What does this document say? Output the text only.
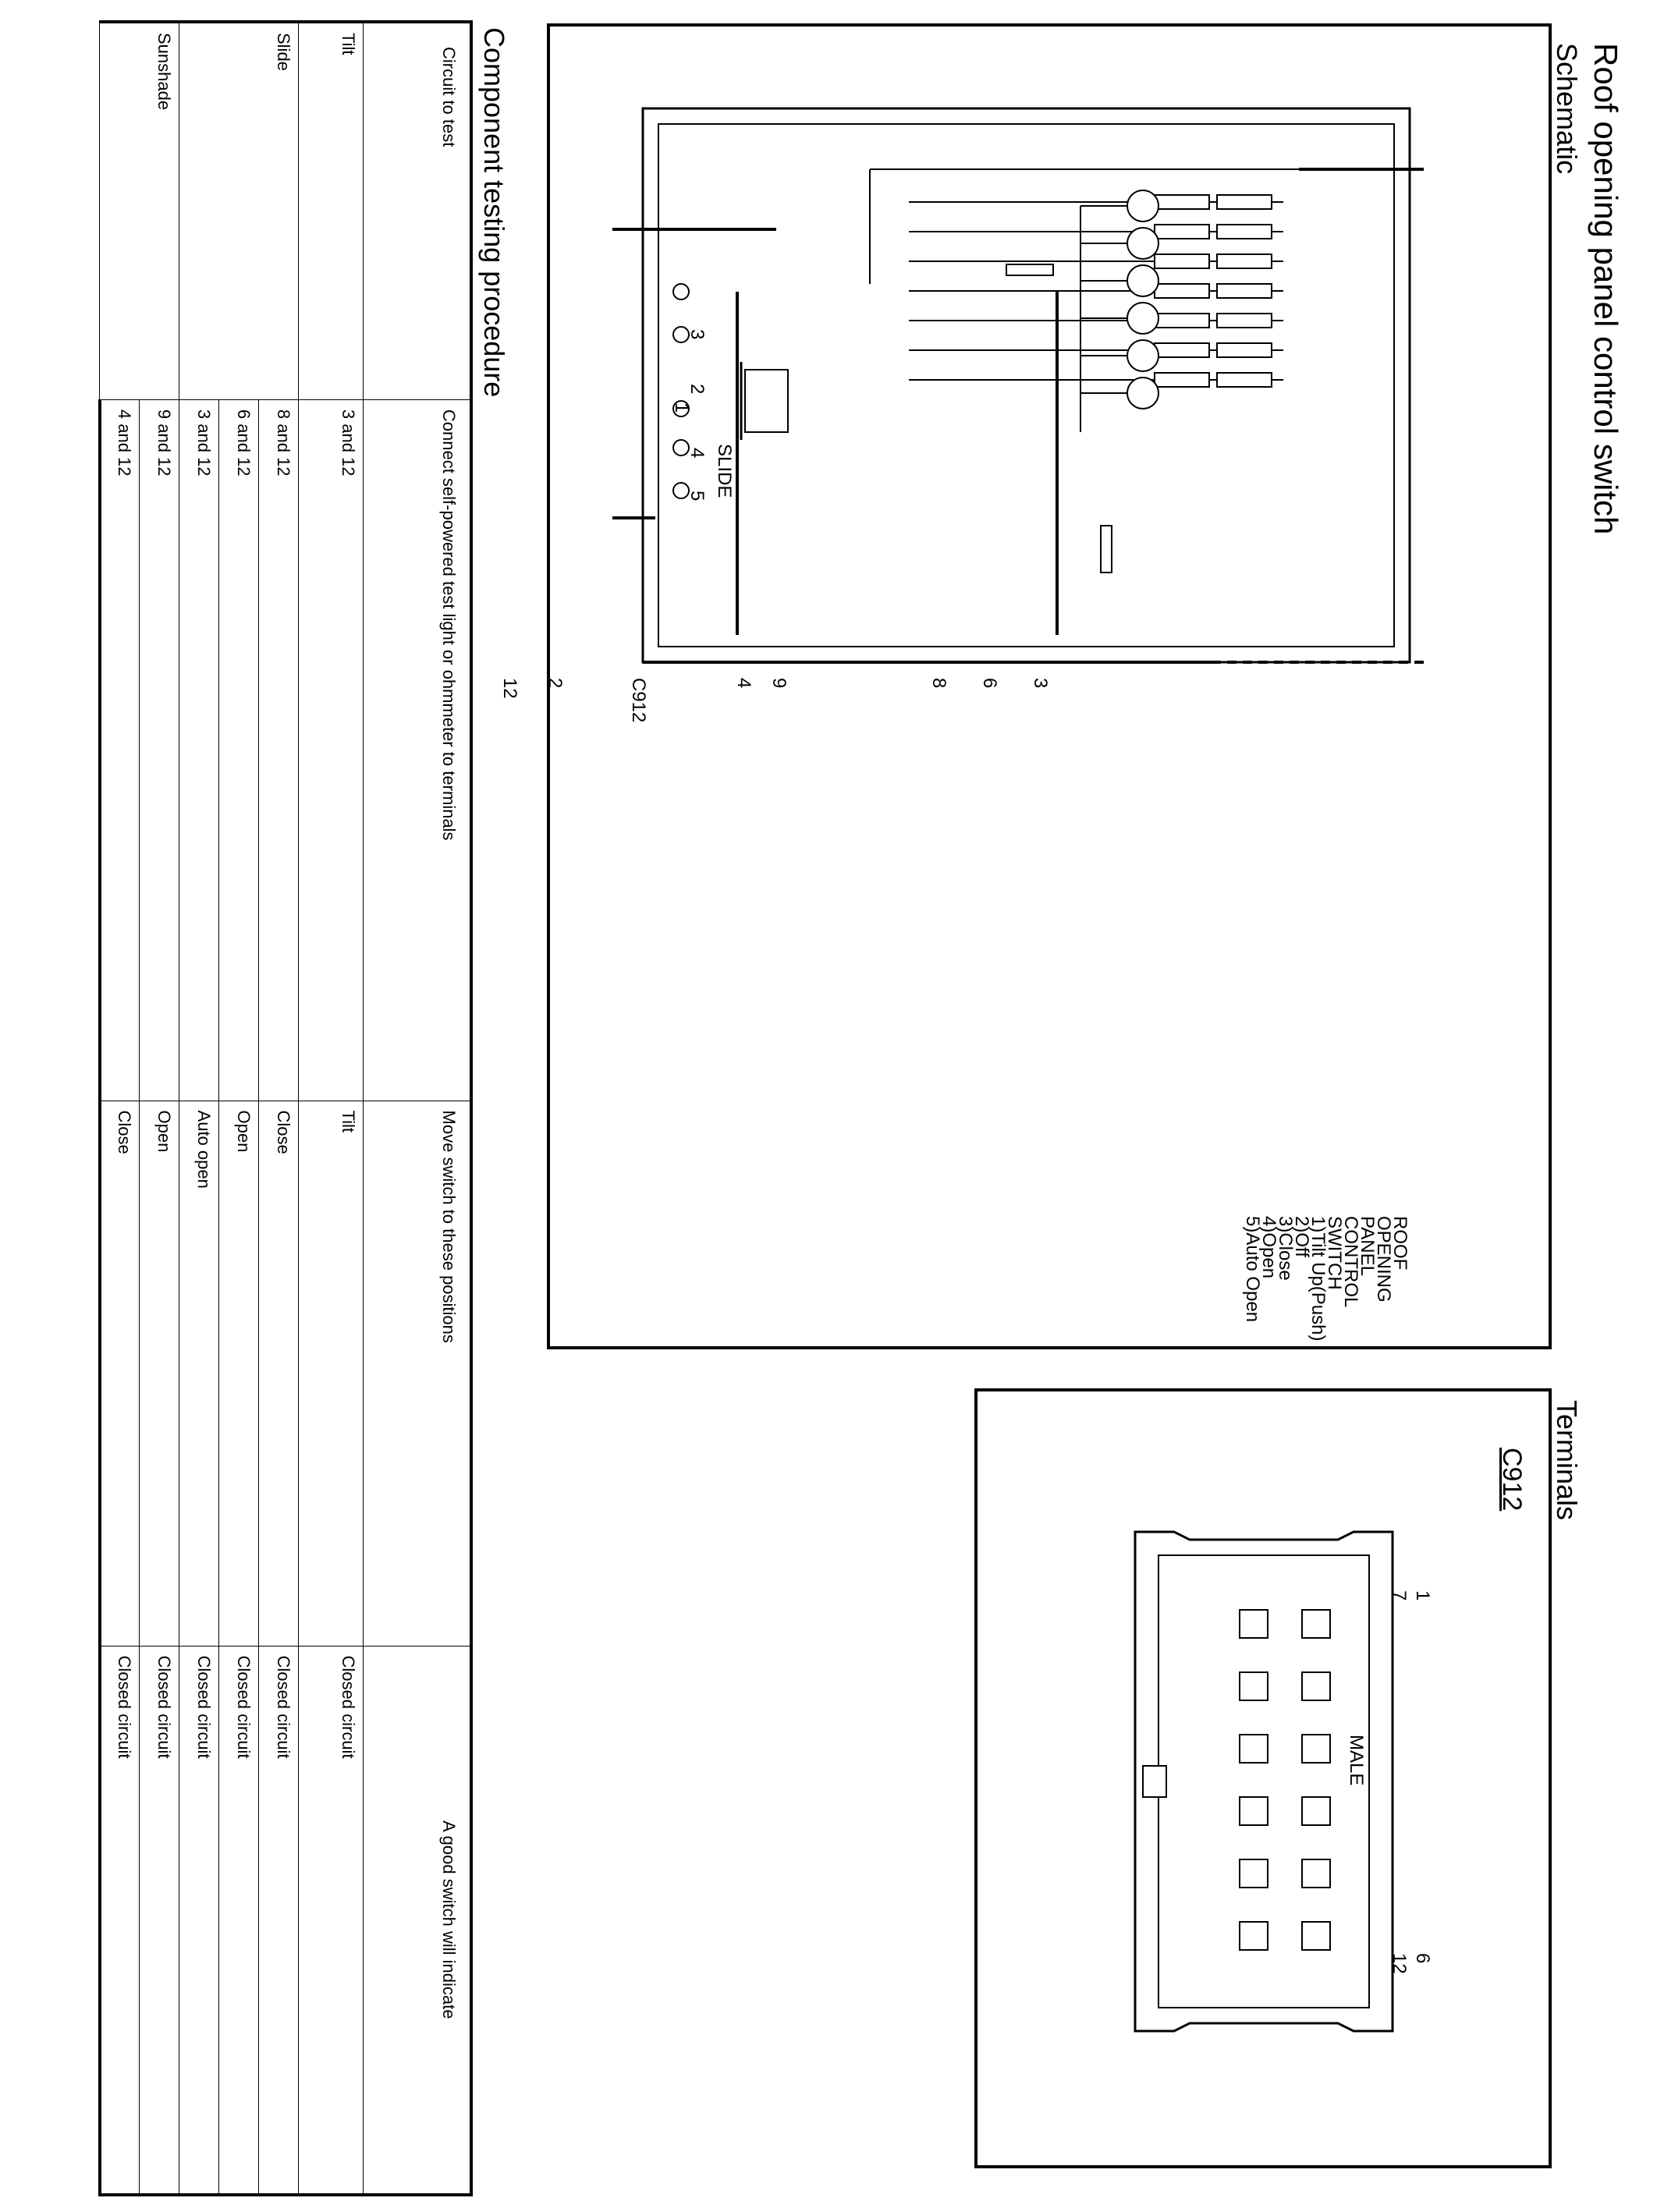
Roof opening panel control switch
Schematic
Terminals
Component testing procedure
ROOF
OPENING
PANEL
CONTROL
SWITCH
1)Tilt Up(Push)
2)Off
3)Close
4)Open
5)Auto Open
C912
SLIDE
12 2	4 9	8 6 3
1
2
3
4
5
C912
1
7
6
12
MALE
Circuit to test	Connect self-powered test light or ohmmeter to terminals	Move switch to these positions	A good switch will indicate
Tilt	3 and 12	Tilt	Closed circuit
Slide	8 and 12	Close	Closed circuit
	6 and 12	Open	Closed circuit
	3 and 12	Auto open	Closed circuit
Sunshade	9 and 12	Open	Closed circuit
	4 and 12	Close	Closed circuit
